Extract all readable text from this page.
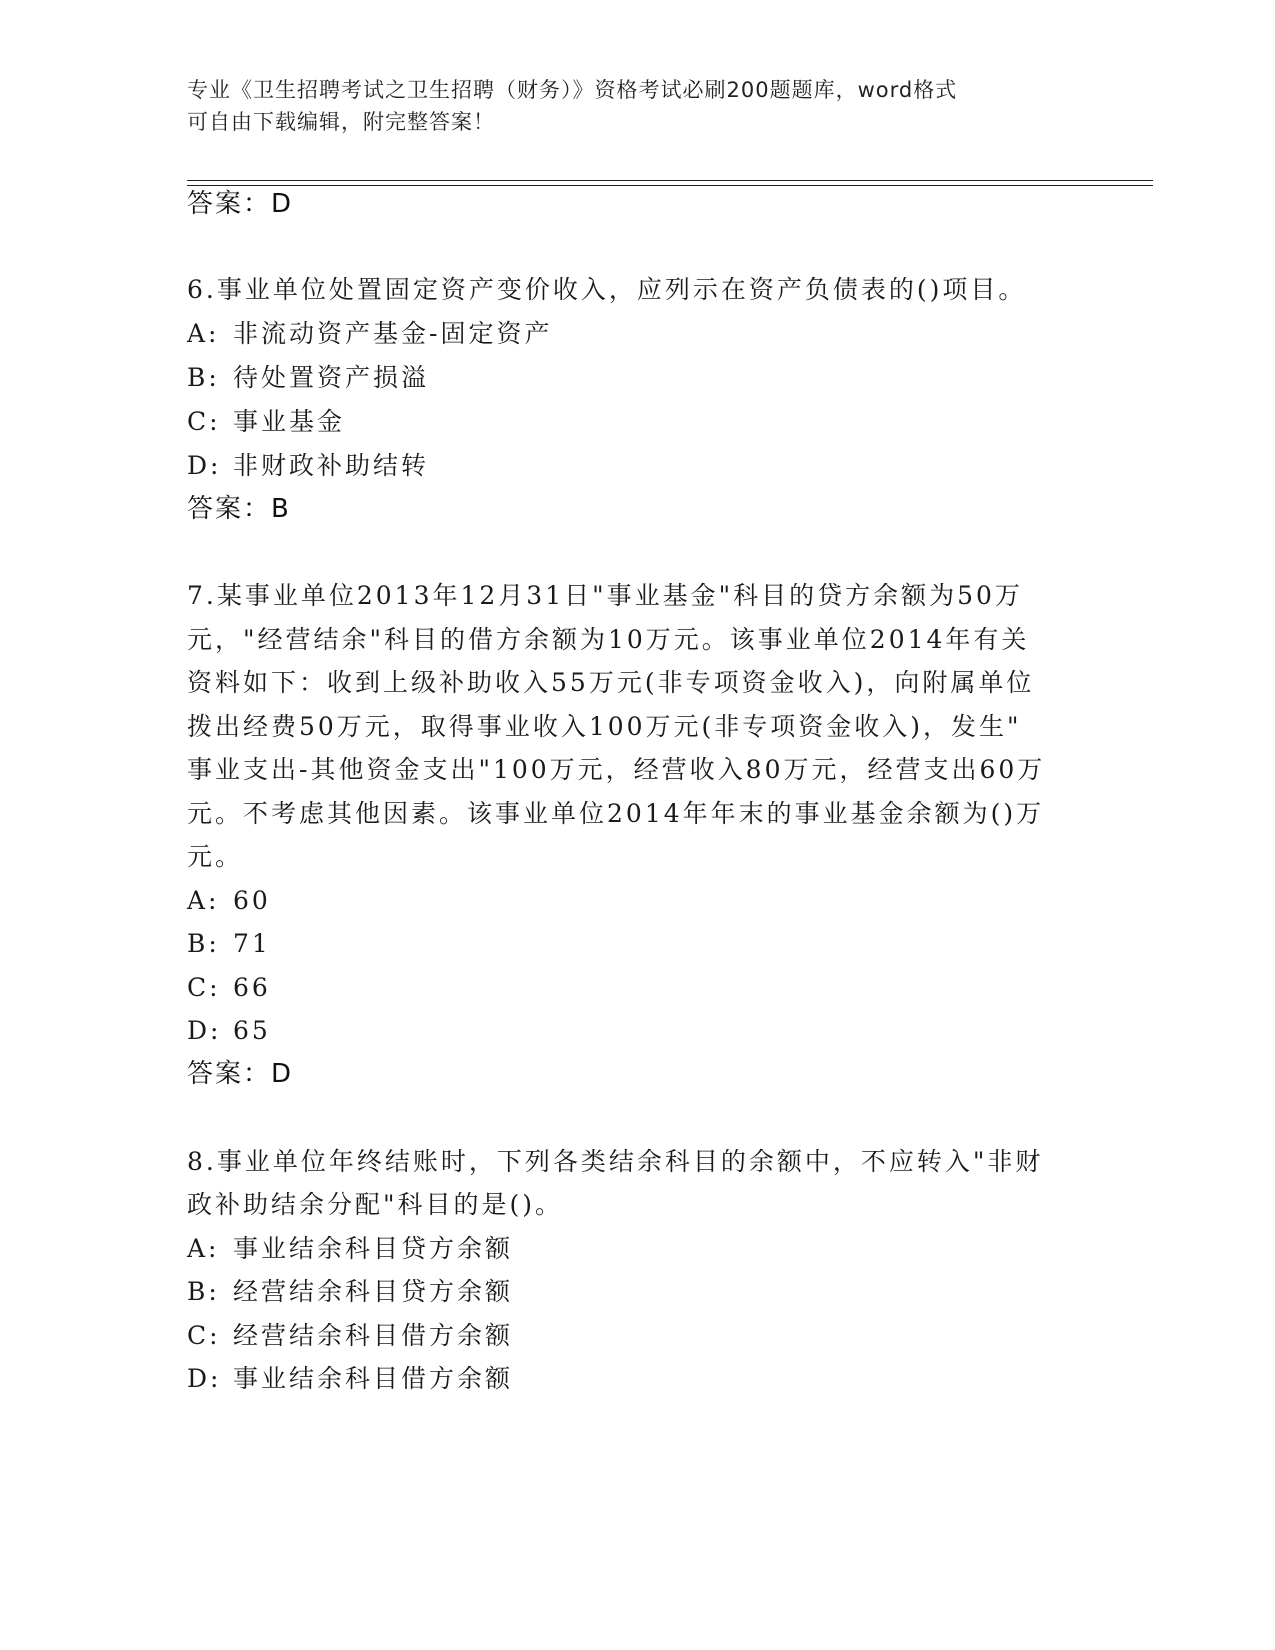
专业《卫生招聘考试之卫生招聘（财务）》资格考试必刷200题题库，word格式
可自由下载编辑，附完整答案！
答案：D
6.事业单位处置固定资产变价收入，应列示在资产负债表的()项目。
A: 非流动资产基金-固定资产
B: 待处置资产损溢
C: 事业基金
D: 非财政补助结转
答案：B
7.某事业单位2013年12月31日"事业基金"科目的贷方余额为50万
元，"经营结余"科目的借方余额为10万元。该事业单位2014年有关
资料如下：收到上级补助收入55万元(非专项资金收入)，向附属单位
拨出经费50万元，取得事业收入100万元(非专项资金收入)，发生"
事业支出-其他资金支出"100万元，经营收入80万元，经营支出60万
元。不考虑其他因素。该事业单位2014年年末的事业基金余额为()万
元。
A: 60
B: 71
C: 66
D: 65
答案：D
8.事业单位年终结账时，下列各类结余科目的余额中，不应转入"非财
政补助结余分配"科目的是()。
A: 事业结余科目贷方余额
B: 经营结余科目贷方余额
C: 经营结余科目借方余额
D: 事业结余科目借方余额
